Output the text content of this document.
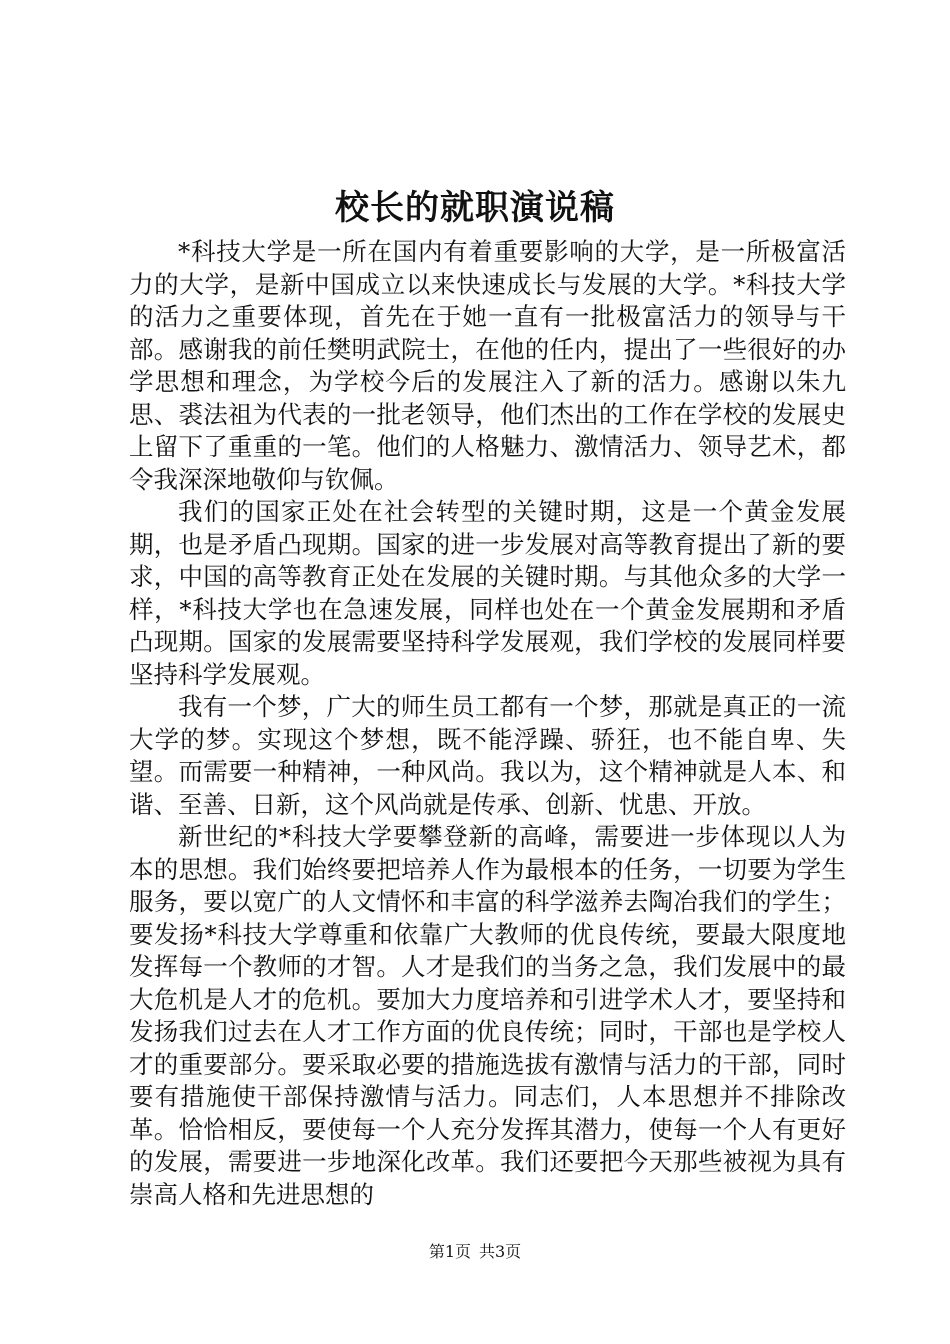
校长的就职演说稿

*科技大学是一所在国内有着重要影响的大学，是一所极富活力的大学，是新中国成立以来快速成长与发展的大学。*科技大学的活力之重要体现，首先在于她一直有一批极富活力的领导与干部。感谢我的前任樊明武院士，在他的任内，提出了一些很好的办学思想和理念，为学校今后的发展注入了新的活力。感谢以朱九思、裘法祖为代表的一批老领导，他们杰出的工作在学校的发展史上留下了重重的一笔。他们的人格魅力、激情活力、领导艺术，都令我深深地敬仰与钦佩。

我们的国家正处在社会转型的关键时期，这是一个黄金发展期，也是矛盾凸现期。国家的进一步发展对高等教育提出了新的要求，中国的高等教育正处在发展的关键时期。与其他众多的大学一样，*科技大学也在急速发展，同样也处在一个黄金发展期和矛盾凸现期。国家的发展需要坚持科学发展观，我们学校的发展同样要坚持科学发展观。

我有一个梦，广大的师生员工都有一个梦，那就是真正的一流大学的梦。实现这个梦想，既不能浮躁、骄狂，也不能自卑、失望。而需要一种精神，一种风尚。我以为，这个精神就是人本、和谐、至善、日新，这个风尚就是传承、创新、忧患、开放。

新世纪的*科技大学要攀登新的高峰，需要进一步体现以人为本的思想。我们始终要把培养人作为最根本的任务，一切要为学生服务，要以宽广的人文情怀和丰富的科学滋养去陶冶我们的学生；要发扬*科技大学尊重和依靠广大教师的优良传统，要最大限度地发挥每一个教师的才智。人才是我们的当务之急，我们发展中的最大危机是人才的危机。要加大力度培养和引进学术人才，要坚持和发扬我们过去在人才工作方面的优良传统；同时，干部也是学校人才的重要部分。要采取必要的措施选拔有激情与活力的干部，同时要有措施使干部保持激情与活力。同志们，人本思想并不排除改革。恰恰相反，要使每一个人充分发挥其潜力，使每一个人有更好的发展，需要进一步地深化改革。我们还要把今天那些被视为具有崇高人格和先进思想的

第1页 共3页
